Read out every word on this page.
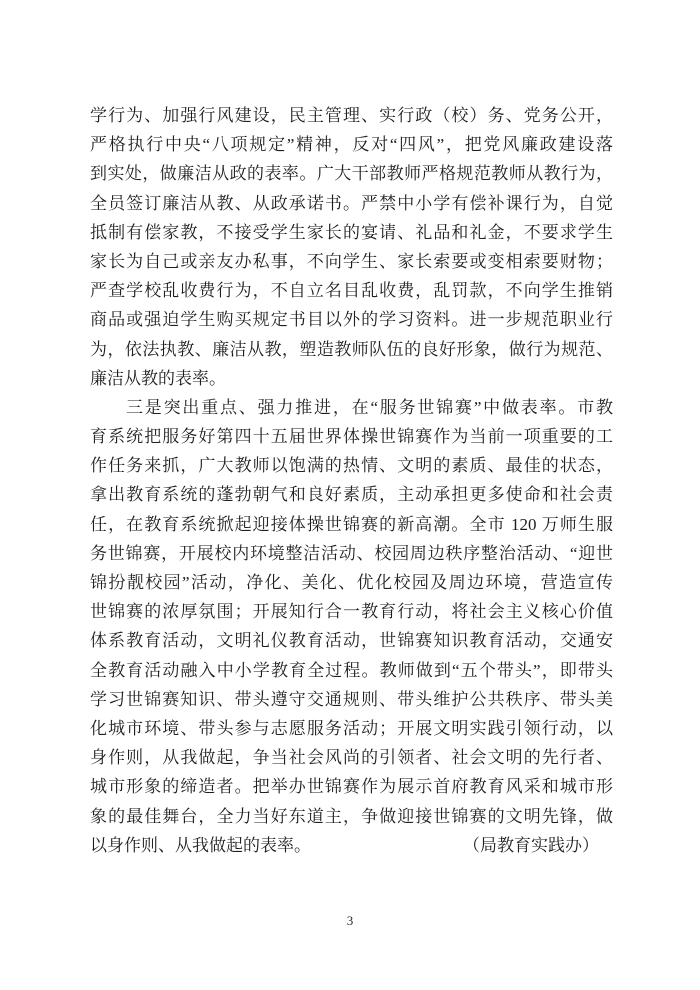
学行为、加强行风建设，民主管理、实行政（校）务、党务公开，
严格执行中央“八项规定”精神，反对“四风”，把党风廉政建设落
到实处，做廉洁从政的表率。广大干部教师严格规范教师从教行为，
全员签订廉洁从教、从政承诺书。严禁中小学有偿补课行为，自觉
抵制有偿家教，不接受学生家长的宴请、礼品和礼金，不要求学生
家长为自己或亲友办私事，不向学生、家长索要或变相索要财物；
严查学校乱收费行为，不自立名目乱收费，乱罚款，不向学生推销
商品或强迫学生购买规定书目以外的学习资料。进一步规范职业行
为，依法执教、廉洁从教，塑造教师队伍的良好形象，做行为规范、
廉洁从教的表率。
三是突出重点、强力推进，在“服务世锦赛”中做表率。市教
育系统把服务好第四十五届世界体操世锦赛作为当前一项重要的工
作任务来抓，广大教师以饱满的热情、文明的素质、最佳的状态，
拿出教育系统的蓬勃朝气和良好素质，主动承担更多使命和社会责
任，在教育系统掀起迎接体操世锦赛的新高潮。全市 120 万师生服
务世锦赛，开展校内环境整洁活动、校园周边秩序整治活动、“迎世
锦扮靓校园”活动，净化、美化、优化校园及周边环境，营造宣传
世锦赛的浓厚氛围；开展知行合一教育行动，将社会主义核心价值
体系教育活动，文明礼仪教育活动，世锦赛知识教育活动，交通安
全教育活动融入中小学教育全过程。教师做到“五个带头”，即带头
学习世锦赛知识、带头遵守交通规则、带头维护公共秩序、带头美
化城市环境、带头参与志愿服务活动；开展文明实践引领行动，以
身作则，从我做起，争当社会风尚的引领者、社会文明的先行者、
城市形象的缔造者。把举办世锦赛作为展示首府教育风采和城市形
象的最佳舞台，全力当好东道主，争做迎接世锦赛的文明先锋，做
以身作则、从我做起的表率。	（局教育实践办）
3
